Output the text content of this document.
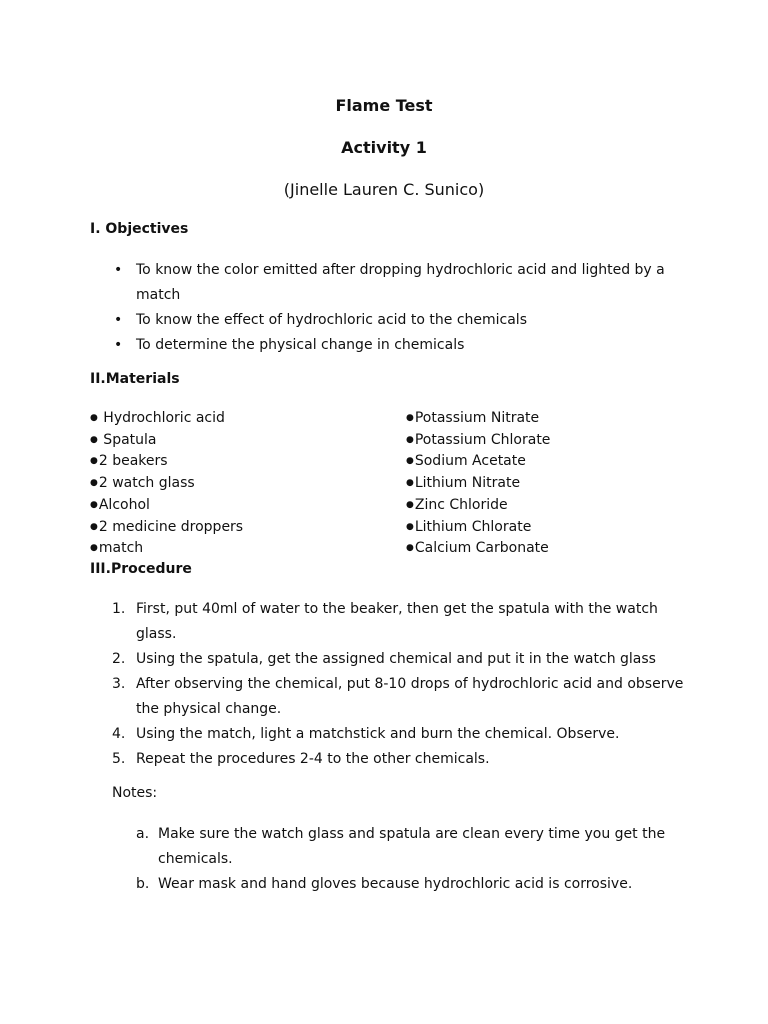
Flame Test
Activity 1

(Jinelle Lauren C. Sunico)

I. Objectives
• To know the color emitted after dropping hydrochloric acid and lighted by a match
• To know the effect of hydrochloric acid to the chemicals
• To determine the physical change in chemicals
II.Materials
● Hydrochloric acid
● Spatula
●2 beakers
●2 watch glass
●Alcohol
●2 medicine droppers
●match
●Potassium Nitrate
●Potassium Chlorate
●Sodium Acetate
●Lithium Nitrate
●Zinc Chloride
●Lithium Chlorate
●Calcium Carbonate
III.Procedure
1. First, put 40ml of water to the beaker, then get the spatula with the watch glass.
2. Using the spatula, get the assigned chemical and put it in the watch glass
3. After observing the chemical, put 8-10 drops of hydrochloric acid and observe the physical change.
4. Using the match, light a matchstick and burn the chemical. Observe.
5. Repeat the procedures 2-4 to the other chemicals.

Notes:

a. Make sure the watch glass and spatula are clean every time you get the chemicals.
b. Wear mask and hand gloves because hydrochloric acid is corrosive.
